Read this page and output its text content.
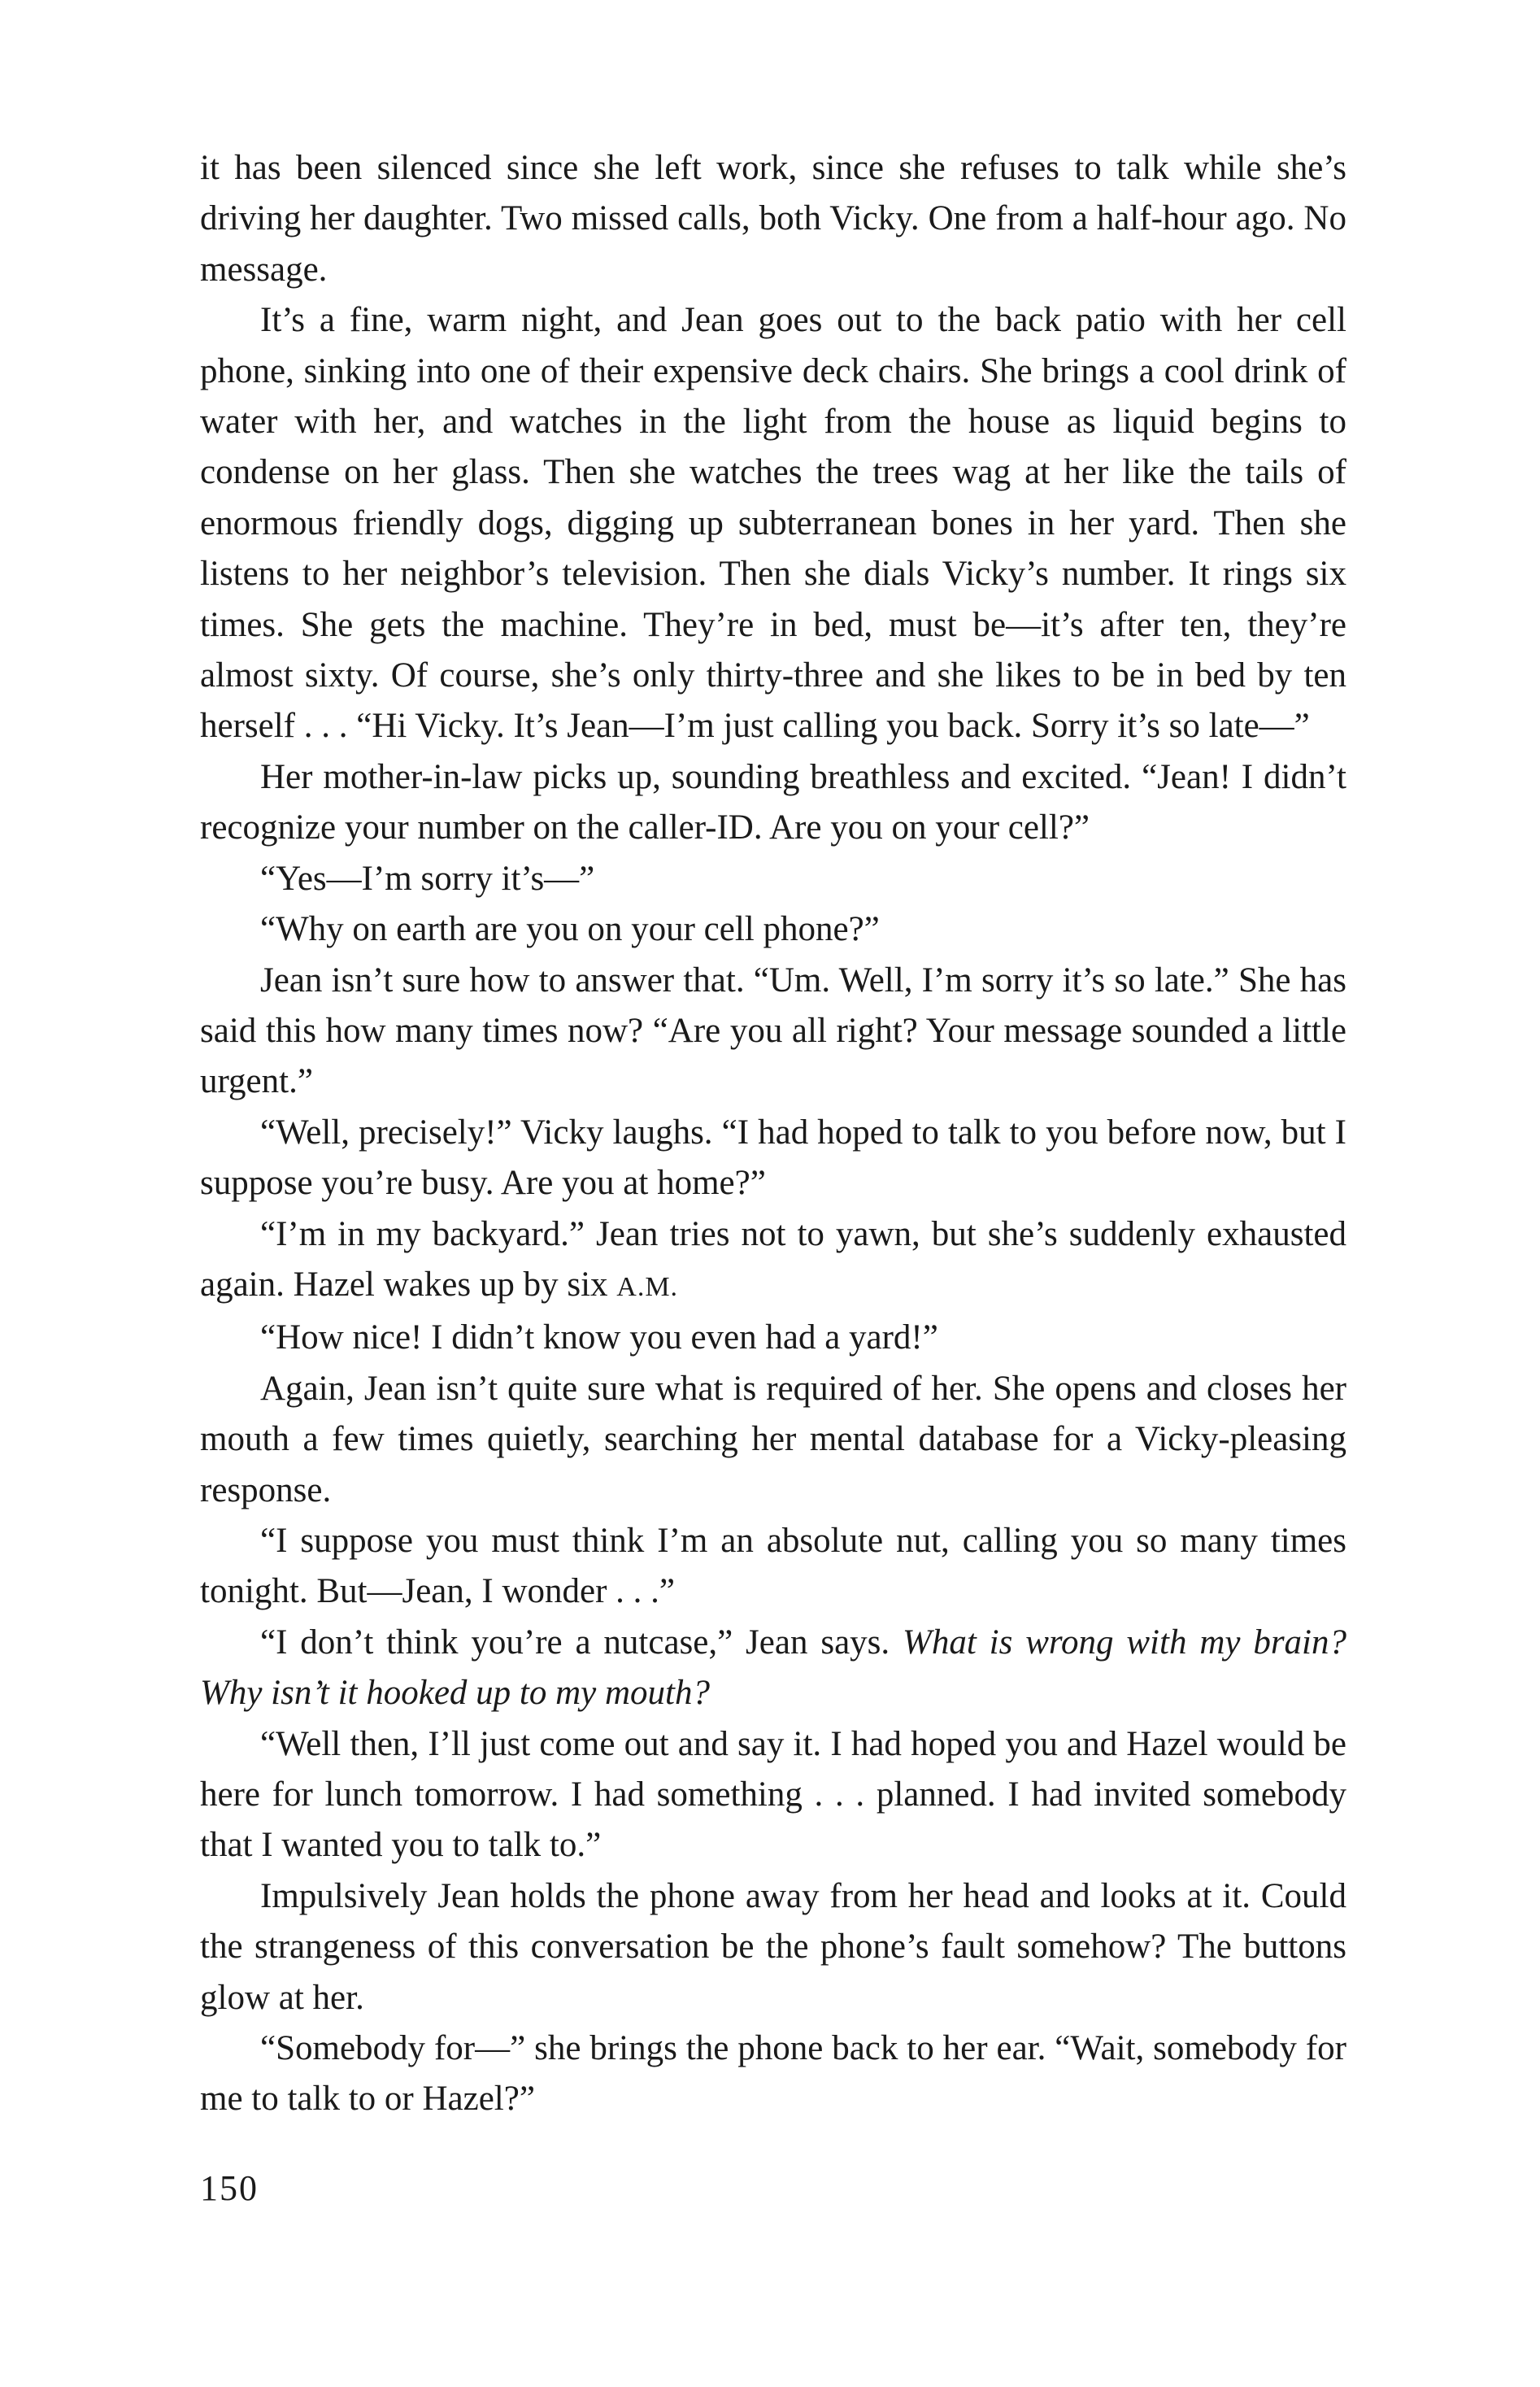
it has been silenced since she left work, since she refuses to talk while she’s driving her daughter. Two missed calls, both Vicky. One from a half-hour ago. No message.

It’s a fine, warm night, and Jean goes out to the back patio with her cell phone, sinking into one of their expensive deck chairs. She brings a cool drink of water with her, and watches in the light from the house as liquid begins to condense on her glass. Then she watches the trees wag at her like the tails of enormous friendly dogs, digging up subterranean bones in her yard. Then she listens to her neighbor’s television. Then she dials Vicky’s number. It rings six times. She gets the machine. They’re in bed, must be—it’s after ten, they’re almost sixty. Of course, she’s only thirty-three and she likes to be in bed by ten herself . . . “Hi Vicky. It’s Jean—I’m just calling you back. Sorry it’s so late—”

Her mother-in-law picks up, sounding breathless and excited. “Jean! I didn’t recognize your number on the caller-ID. Are you on your cell?”

“Yes—I’m sorry it’s—”

“Why on earth are you on your cell phone?”

Jean isn’t sure how to answer that. “Um. Well, I’m sorry it’s so late.” She has said this how many times now? “Are you all right? Your message sounded a little urgent.”

“Well, precisely!” Vicky laughs. “I had hoped to talk to you before now, but I suppose you’re busy. Are you at home?”

“I’m in my backyard.” Jean tries not to yawn, but she’s suddenly exhausted again. Hazel wakes up by six A.M.

“How nice! I didn’t know you even had a yard!”

Again, Jean isn’t quite sure what is required of her. She opens and closes her mouth a few times quietly, searching her mental database for a Vicky-pleasing response.

“I suppose you must think I’m an absolute nut, calling you so many times tonight. But—Jean, I wonder . . .”

“I don’t think you’re a nutcase,” Jean says. What is wrong with my brain? Why isn’t it hooked up to my mouth?

“Well then, I’ll just come out and say it. I had hoped you and Hazel would be here for lunch tomorrow. I had something . . . planned. I had invited somebody that I wanted you to talk to.”

Impulsively Jean holds the phone away from her head and looks at it. Could the strangeness of this conversation be the phone’s fault somehow? The buttons glow at her.

“Somebody for—” she brings the phone back to her ear. “Wait, somebody for me to talk to or Hazel?”

150
